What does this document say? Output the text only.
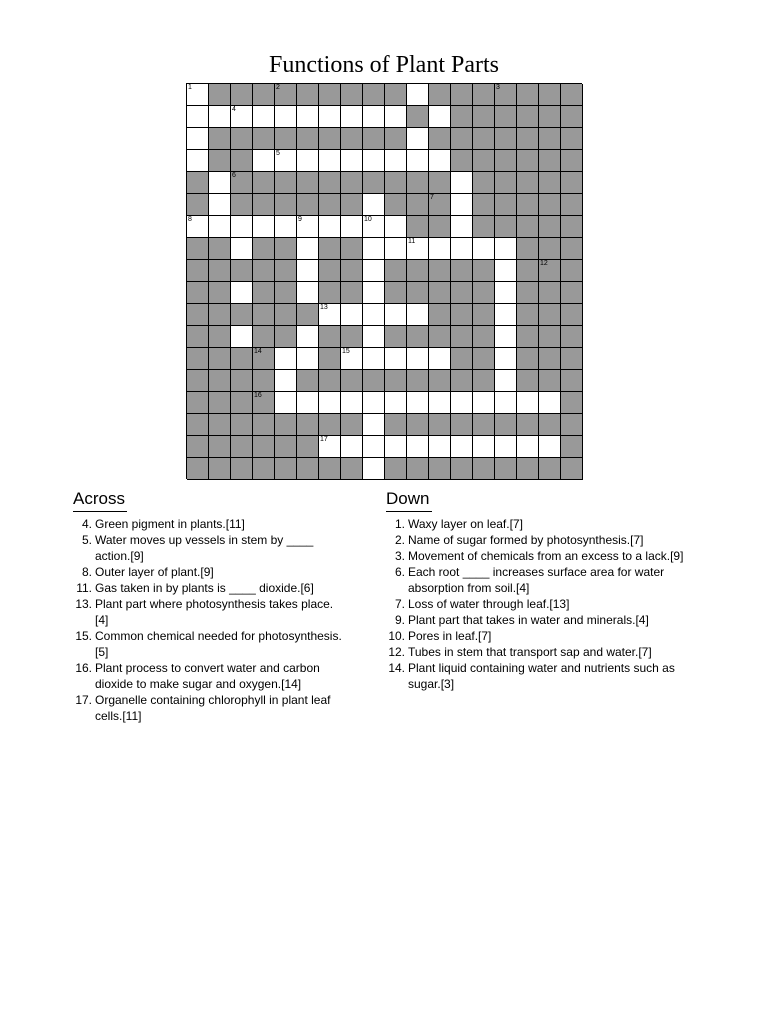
Functions of Plant Parts
1	2	3
4
5
6
7
8	9	10
11
12
13
14	15
16
17
Across
4. Green pigment in plants.[11]
5. Water moves up vessels in stem by ____ action.[9]
8. Outer layer of plant.[9]
11. Gas taken in by plants is ____ dioxide.[6]
13. Plant part where photosynthesis takes place.[4]
15. Common chemical needed for photosynthesis.[5]
16. Plant process to convert water and carbon dioxide to make sugar and oxygen.[14]
17. Organelle containing chlorophyll in plant leaf cells.[11]
Down
1. Waxy layer on leaf.[7]
2. Name of sugar formed by photosynthesis.[7]
3. Movement of chemicals from an excess to a lack.[9]
6. Each root ____ increases surface area for water absorption from soil.[4]
7. Loss of water through leaf.[13]
9. Plant part that takes in water and minerals.[4]
10. Pores in leaf.[7]
12. Tubes in stem that transport sap and water.[7]
14. Plant liquid containing water and nutrients such as sugar.[3]
